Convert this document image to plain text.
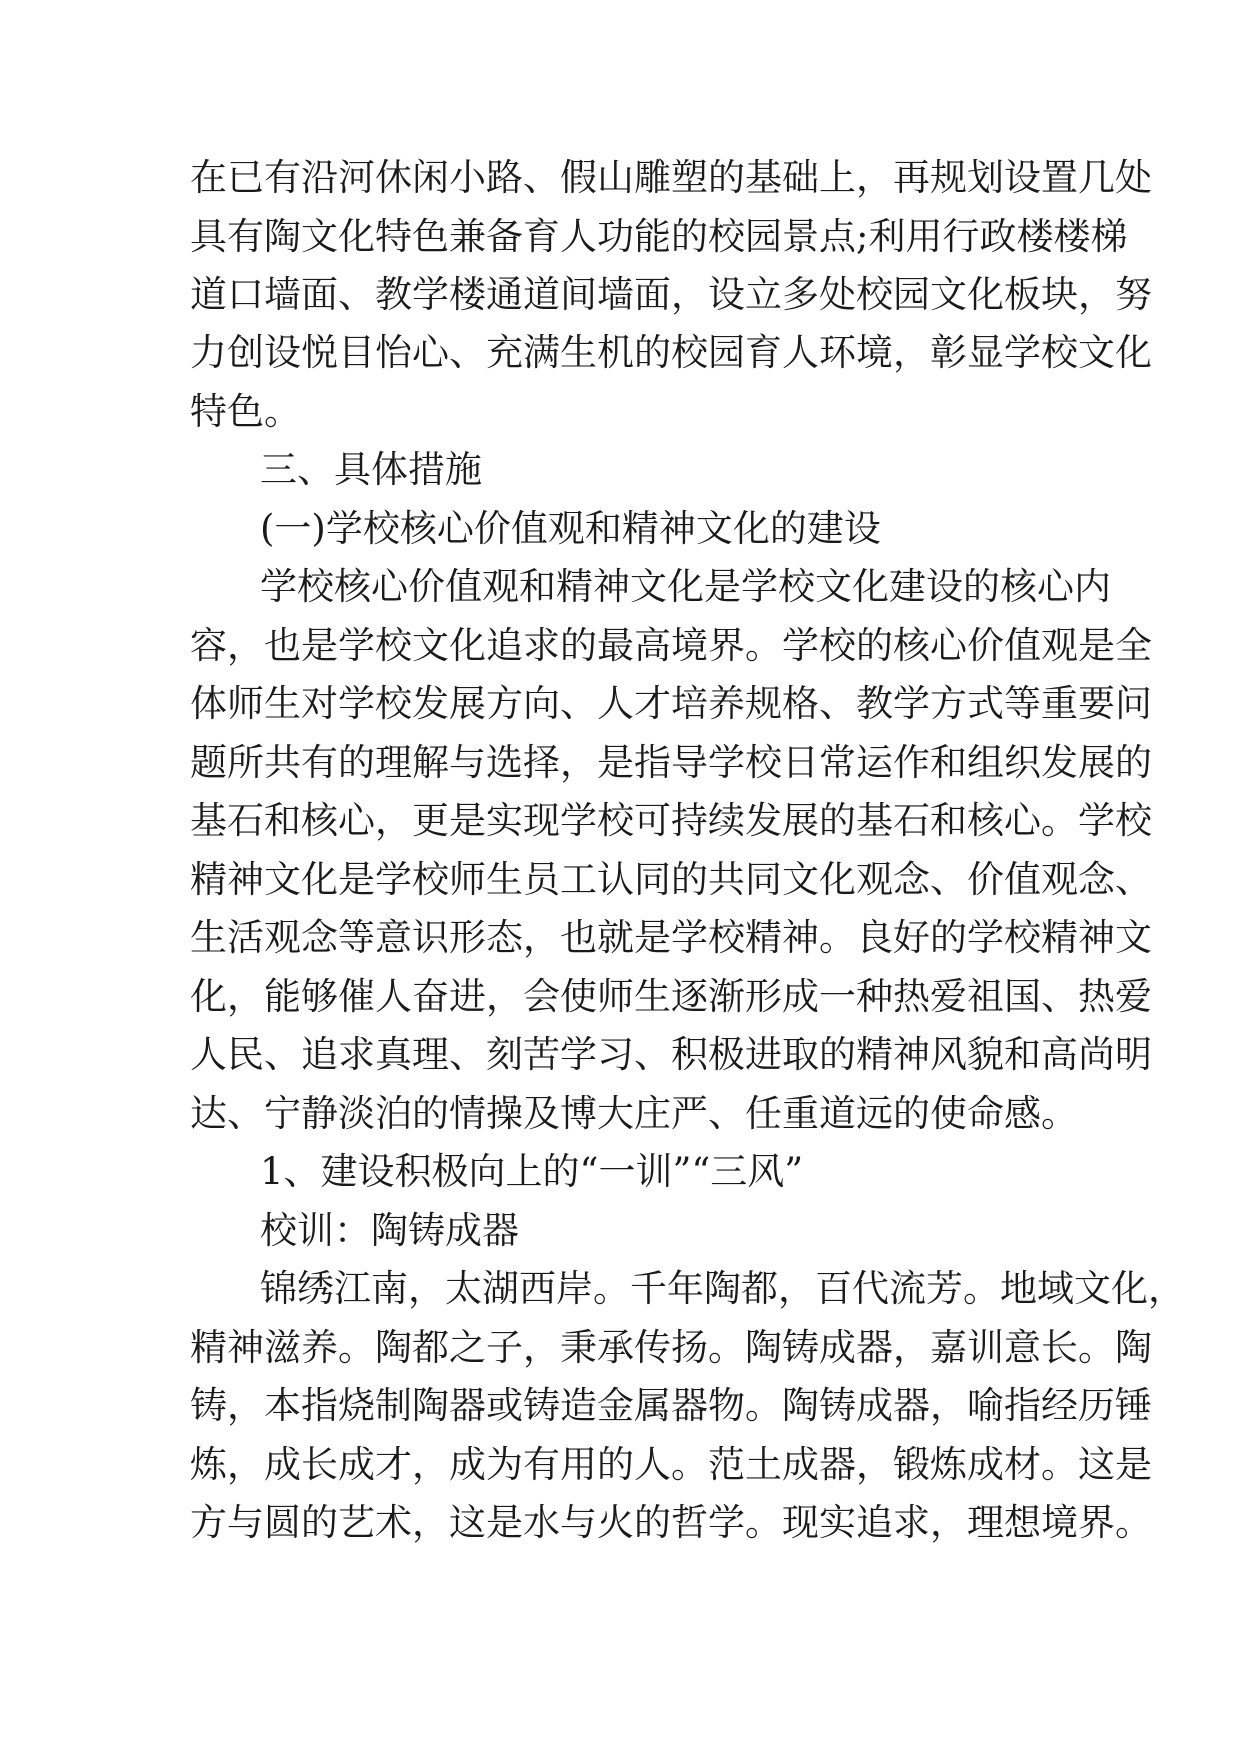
在已有沿河休闲小路、假山雕塑的基础上，再规划设置几处
具有陶文化特色兼备育人功能的校园景点;利用行政楼楼梯
道口墙面、教学楼通道间墙面，设立多处校园文化板块，努
力创设悦目怡心、充满生机的校园育人环境，彰显学校文化
特色。
三、具体措施
(一)学校核心价值观和精神文化的建设
学校核心价值观和精神文化是学校文化建设的核心内
容，也是学校文化追求的最高境界。学校的核心价值观是全
体师生对学校发展方向、人才培养规格、教学方式等重要问
题所共有的理解与选择，是指导学校日常运作和组织发展的
基石和核心，更是实现学校可持续发展的基石和核心。学校
精神文化是学校师生员工认同的共同文化观念、价值观念、
生活观念等意识形态，也就是学校精神。良好的学校精神文
化，能够催人奋进，会使师生逐渐形成一种热爱祖国、热爱
人民、追求真理、刻苦学习、积极进取的精神风貌和高尚明
达、宁静淡泊的情操及博大庄严、任重道远的使命感。
1、建设积极向上的“一训”“三风”
校训：陶铸成器
锦绣江南，太湖西岸。千年陶都，百代流芳。地域文化，
精神滋养。陶都之子，秉承传扬。陶铸成器，嘉训意长。陶
铸，本指烧制陶器或铸造金属器物。陶铸成器，喻指经历锤
炼，成长成才，成为有用的人。范土成器，锻炼成材。这是
方与圆的艺术，这是水与火的哲学。现实追求，理想境界。
